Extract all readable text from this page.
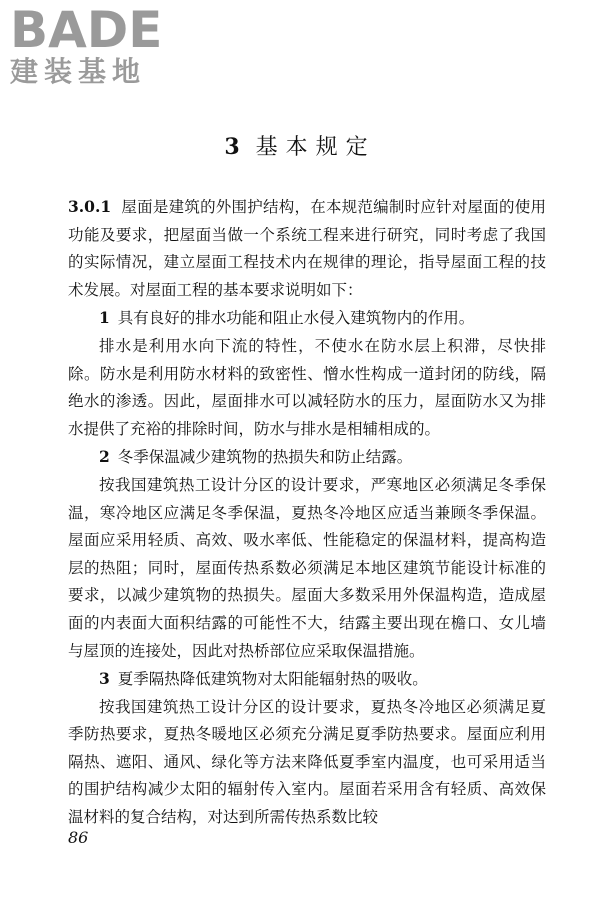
BADE
建装基地
3 基本规定

3.0.1 屋面是建筑的外围护结构，在本规范编制时应针对屋面的使用功能及要求，把屋面当做一个系统工程来进行研究，同时考虑了我国的实际情况，建立屋面工程技术内在规律的理论，指导屋面工程的技术发展。对屋面工程的基本要求说明如下：

1 具有良好的排水功能和阻止水侵入建筑物内的作用。

排水是利用水向下流的特性，不使水在防水层上积滞，尽快排除。防水是利用防水材料的致密性、憎水性构成一道封闭的防线，隔绝水的渗透。因此，屋面排水可以减轻防水的压力，屋面防水又为排水提供了充裕的排除时间，防水与排水是相辅相成的。

2 冬季保温减少建筑物的热损失和防止结露。

按我国建筑热工设计分区的设计要求，严寒地区必须满足冬季保温，寒冷地区应满足冬季保温，夏热冬冷地区应适当兼顾冬季保温。屋面应采用轻质、高效、吸水率低、性能稳定的保温材料，提高构造层的热阻；同时，屋面传热系数必须满足本地区建筑节能设计标准的要求，以减少建筑物的热损失。屋面大多数采用外保温构造，造成屋面的内表面大面积结露的可能性不大，结露主要出现在檐口、女儿墙与屋顶的连接处，因此对热桥部位应采取保温措施。

3 夏季隔热降低建筑物对太阳能辐射热的吸收。

按我国建筑热工设计分区的设计要求，夏热冬冷地区必须满足夏季防热要求，夏热冬暖地区必须充分满足夏季防热要求。屋面应利用隔热、遮阳、通风、绿化等方法来降低夏季室内温度，也可采用适当的围护结构减少太阳的辐射传入室内。屋面若采用含有轻质、高效保温材料的复合结构，对达到所需传热系数比较

86
